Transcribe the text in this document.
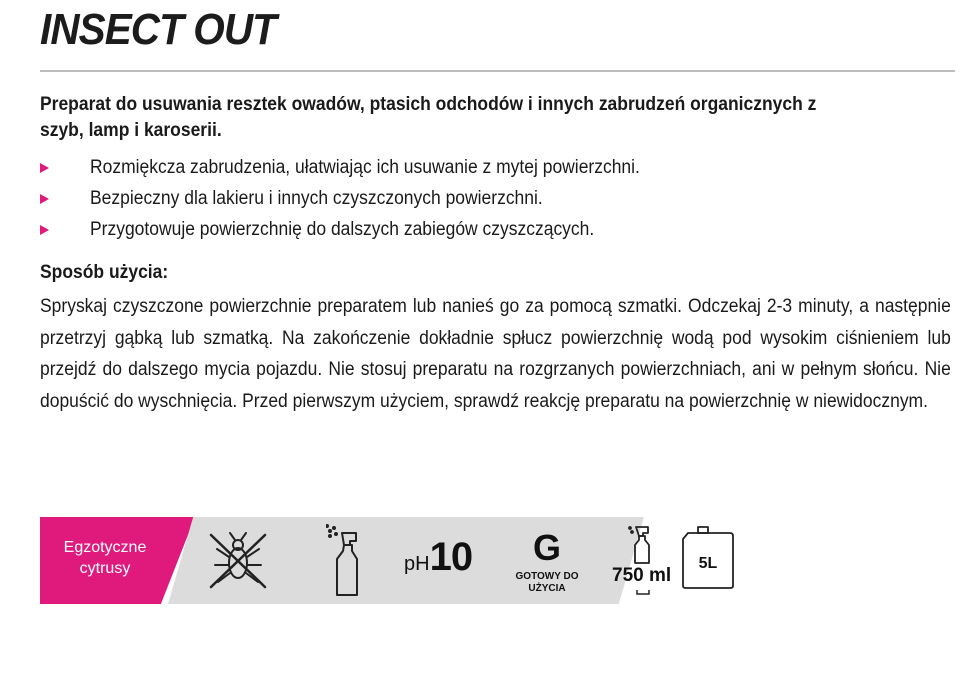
INSECT OUT

Preparat do usuwania resztek owadów, ptasich odchodów i innych zabrudzeń organicznych z szyb, lamp i karoserii.

Rozmiękcza zabrudzenia, ułatwiając ich usuwanie z mytej powierzchni.
Bezpieczny dla lakieru i innych czyszczonych powierzchni.
Przygotowuje powierzchnię do dalszych zabiegów czyszczących.
Sposób użycia:

Spryskaj czyszczone powierzchnie preparatem lub nanieś go za pomocą szmatki. Odczekaj 2-3 minuty, a następnie przetrzyj gąbką lub szmatką. Na zakończenie dokładnie spłucz powierzchnię wodą pod wysokim ciśnieniem lub przejdź do dalszego mycia pojazdu. Nie stosuj preparatu na rozgrzanych powierzchniach, ani w pełnym słońcu. Nie dopuścić do wyschnięcia. Przed pierwszym użyciem, sprawdź reakcję preparatu na powierzchnię w niewidocznym.

Egzotyczne cytrusy	pH10	G
GOTOWY DO UŻYCIA
750 ml
5L
